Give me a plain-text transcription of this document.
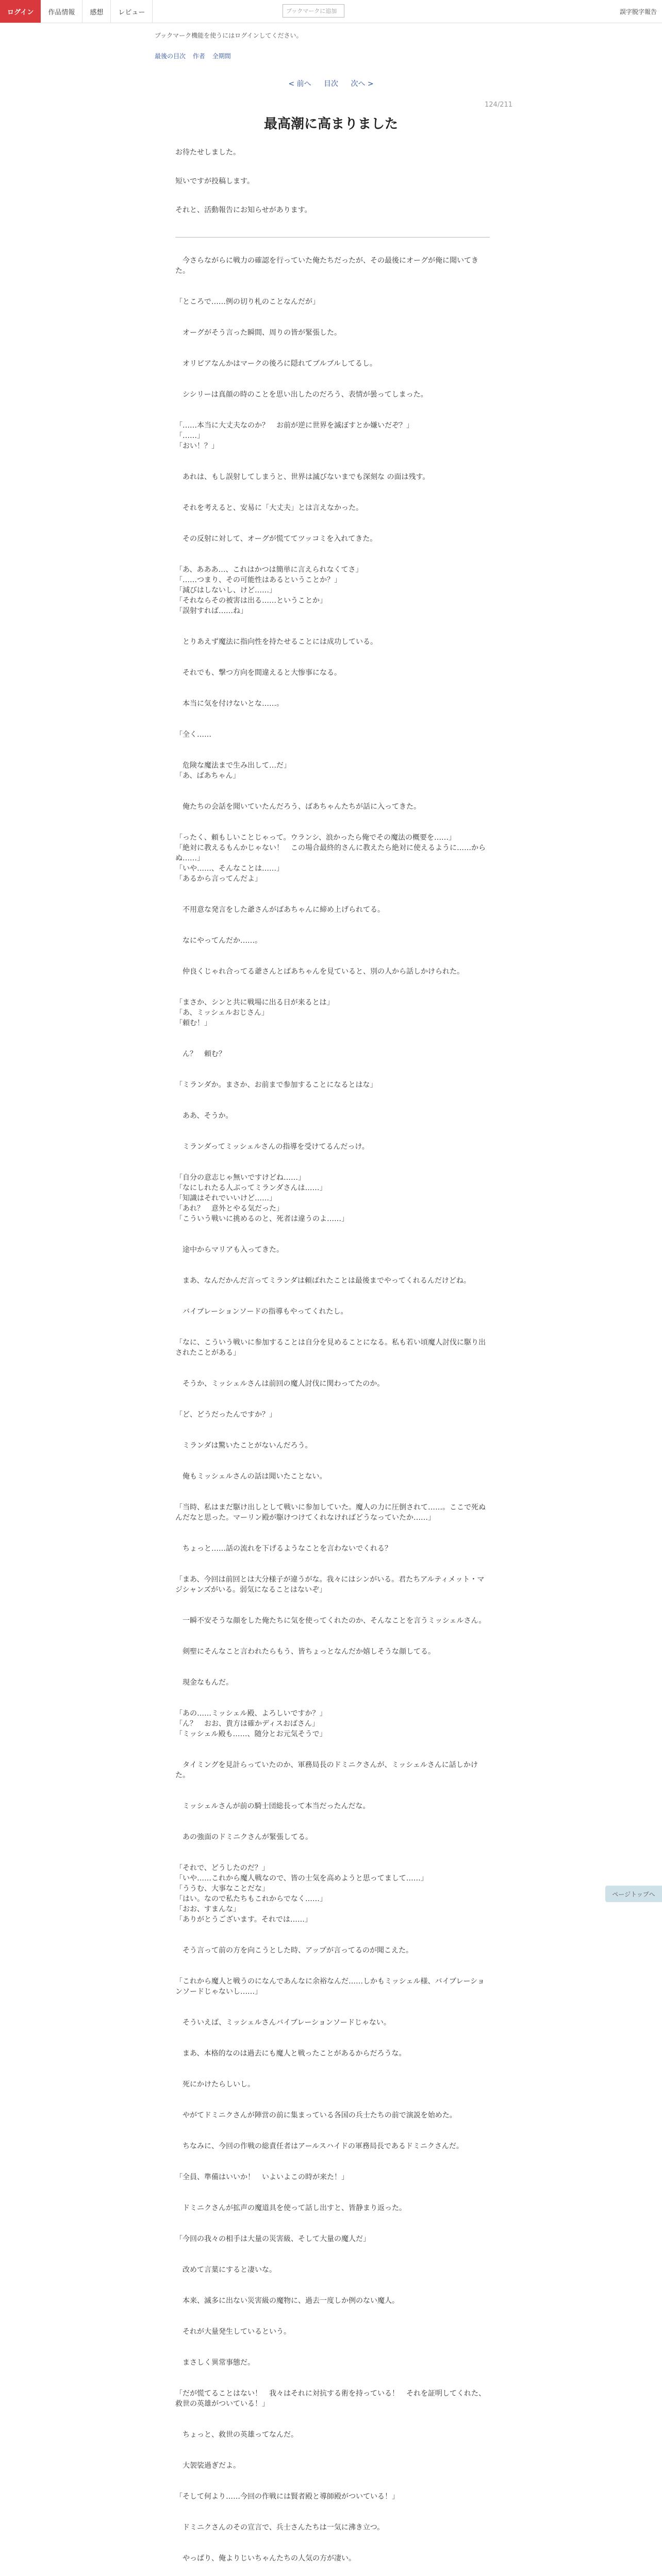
ログイン	作品情報	感想	レビュー	ブックマークに追加	誤字脱字報告
ブックマーク機能を使うにはログインしてください。
最後の目次 作者 全期間
< 前へ 目次 次へ >
124/211
最高潮に高まりました

お待たせしました。

短いですが投稿します。

それと、活動報告にお知らせがあります。

　今さらながらに戦力の確認を行っていた俺たちだったが、その最後にオーグが俺に聞いてきた。

「ところで……例の切り札のことなんだが」

　オーグがそう言った瞬間、周りの皆が緊張した。

　オリビアなんかはマークの後ろに隠れてブルブルしてるし。

　シシリーは真顔の時のことを思い出したのだろう、表情が曇ってしまった。

「……本当に大丈夫なのか？　お前が逆に世界を滅ぼすとか嫌いだぞ？」
「……」
「おい！？」

　あれは、もし誤射してしまうと、世界は滅びないまでも深刻な の面は残す。

　それを考えると、安易に「大丈夫」とは言えなかった。

　その反射に対して、オーグが慌ててツッコミを入れてきた。

「あ、あああ…、これはかつは簡単に言えられなくてさ」
「……つまり、その可能性はあるということか？」
「減びはしないし、けど……」
「それならその被害は出る……ということか」
「誤射すれば……ね」

　とりあえず魔法に指向性を持たせることには成功している。

　それでも、撃つ方向を間違えると大惨事になる。

　本当に気を付けないとな……。

「全く……

　危険な魔法まで生み出して…だ」
「あ、ばあちゃん」

　俺たちの会話を聞いていたんだろう、ばあちゃんたちが話に入ってきた。

「ったく、頼もしいことじゃって。ウランシ、浪かったら俺でその魔法の概要を……」
「絶対に教えるもんかじゃない！　この場合最終的さんに教えたら絶対に使えるように……からぬ……」
「いや……、そんなことは……」
「あるから言ってんだよ」

　不用意な発言をした爺さんがばあちゃんに締め上げられてる。

　なにやってんだか……。

　仲良くじゃれ合ってる爺さんとばあちゃんを見ていると、別の人から話しかけられた。

「まさか、シンと共に戦場に出る日が来るとは」
「あ、ミッシェルおじさん」
「頼む！」

　ん？　頼む？

「ミランダか。まさか、お前まで参加することになるとはな」

　ああ、そうか。

　ミランダってミッシェルさんの指導を受けてるんだっけ。

「自分の意志じゃ無いですけどね……」
「なにしれたる人ぶってミランダさんは……」
「知識はそれでいいけど……」
「あれ？　意外とやる気だった」
「こういう戦いに挑めるのと、死者は違うのよ……」

　途中からマリアも入ってきた。

　まあ、なんだかんだ言ってミランダは頼ばれたことは最後までやってくれるんだけどね。

　バイブレーションソードの指導もやってくれたし。

「なに、こういう戦いに参加することは自分を見めることになる。私も若い頃魔人討伐に駆り出されたことがある」

　そうか、ミッシェルさんは前回の魔人討伐に関わってたのか。

「ど、どうだったんですか？」

　ミランダは驚いたことがないんだろう。

　俺もミッシェルさんの話は聞いたことない。

「当時、私はまだ駆け出しとして戦いに参加していた。魔人の力に圧倒されて……。ここで死ぬんだなと思った。マーリン殿が駆けつけてくれなければどうなっていたか……」

　ちょっと……話の流れを下げるようなことを言わないでくれる？

「まあ、今回は前回とは大分様子が違うがな。我々にはシンがいる。君たちアルティメット・マジシャンズがいる。弱気になることはないぞ」

　一瞬不安そうな顔をした俺たちに気を使ってくれたのか、そんなことを言うミッシェルさん。

　剣聖にそんなこと言われたらもう、皆ちょっとなんだか嬉しそうな顔してる。

　現金なもんだ。

「あの……ミッシェル殿、よろしいですか？」
「ん？　おお、貴方は確かディスおばさん」
「ミッシェル殿も……、随分とお元気そうで」

　タイミングを見計らっていたのか、軍務局長のドミニクさんが、ミッシェルさんに話しかけた。

　ミッシェルさんが前の騎士団総長って本当だったんだな。

　あの強面のドミニクさんが緊張してる。

「それで、どうしたのだ？」
「いや……これから魔人戦なので、皆の士気を高めようと思ってまして……」
「ううむ、大事なことだな」
「はい。なので私たちもこれからでなく……」
「おお、すまんな」
「ありがとうございます。それでは……」

　そう言って前の方を向こうとした時、アップが言ってるのが聞こえた。

「これから魔人と戦うのになんであんなに余裕なんだ……しかもミッシェル様、バイブレーションソードじゃないし……」

　そういえば、ミッシェルさんバイブレーションソードじゃない。

　まあ、本格的なのは過去にも魔人と戦ったことがあるからだろうな。

　死にかけたらしいし。

　やがてドミニクさんが陣営の前に集まっている各国の兵士たちの前で演説を始めた。

　ちなみに、今回の作戦の総責任者はアールスハイドの軍務局長であるドミニクさんだ。

「全員、準備はいいか！　いよいよこの時が来た！」

　ドミニクさんが拡声の魔道具を使って話し出すと、皆静まり返った。

「今回の我々の相手は大量の災害級、そして大量の魔人だ」

　改めて言葉にすると凄いな。

　本来、滅多に出ない災害級の魔物に、過去一度しか例のない魔人。

　それが大量発生しているという。

　まさしく異常事態だ。

「だが慌てることはない！　我々はそれに対抗する術を持っている！　それを証明してくれた、救世の英雄がついている！」

　ちょっと、救世の英雄ってなんだ。

　大袈裟過ぎだよ。

「そして何より……今回の作戦には賢者殿と導師殿がついている！」

　ドミニクさんのその宣言で、兵士さんたちは一気に沸き立つ。

　やっぱり、俺よりじいちゃんたちの人気の方が凄い。

ページトップへ
